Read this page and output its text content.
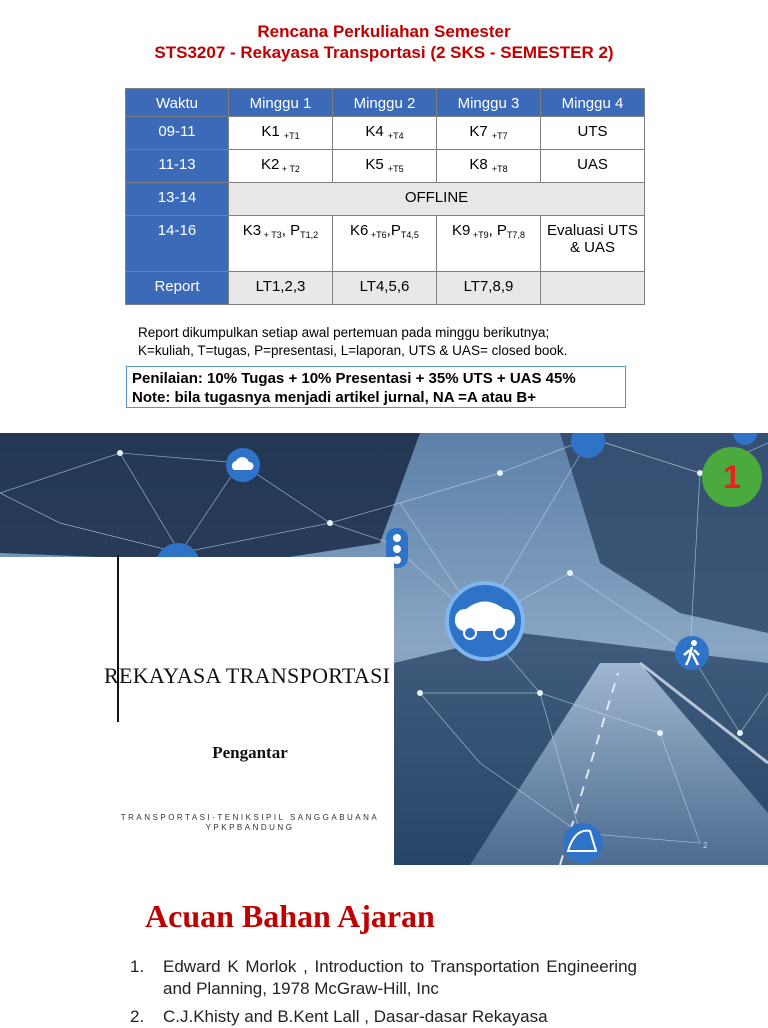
Rencana Perkuliahan Semester
STS3207 - Rekayasa Transportasi (2 SKS - SEMESTER 2)
Waktu	Minggu 1	Minggu 2	Minggu 3	Minggu 4
09-11	K1 $_{+T1}$	K4 $_{+T4}$	K7 $_{+T7}$	UTS
11-13	K2 $_{+ T2}$	K5 $_{+T5}$	K8 $_{+T8}$	UAS
13-14	OFFLINE			
14-16	K3 $_{+ T3}$, $P_{T1,2}$	K6 $_{+T6},P_{T4,5}$	K9 $_{+T9}$, $P_{T7,8}$	Evaluasi UTS & UAS
Report	LT1,2,3	LT4,5,6	LT7,8,9	
Report dikumpulkan setiap awal pertemuan pada minggu berikutnya;
K=kuliah, T=tugas, P=presentasi, L=laporan, UTS & UAS= closed book.
Penilaian: 10% Tugas + 10% Presentasi + 35% UTS + UAS 45%
Note: bila tugasnya menjadi artikel jurnal, NA =A atau B+
REKAYASA TRANSPORTASI
Pengantar
TRANSPORTASI-TENIKSIPIL SANGGABUANA
YPKPBANDUNG
1
2
Acuan Bahan Ajaran
1. Edward K Morlok , Introduction to Transportation Engineering and Planning, 1978 McGraw-Hill, Inc
2. C.J.Khisty and B.Kent Lall , Dasar-dasar Rekayasa
